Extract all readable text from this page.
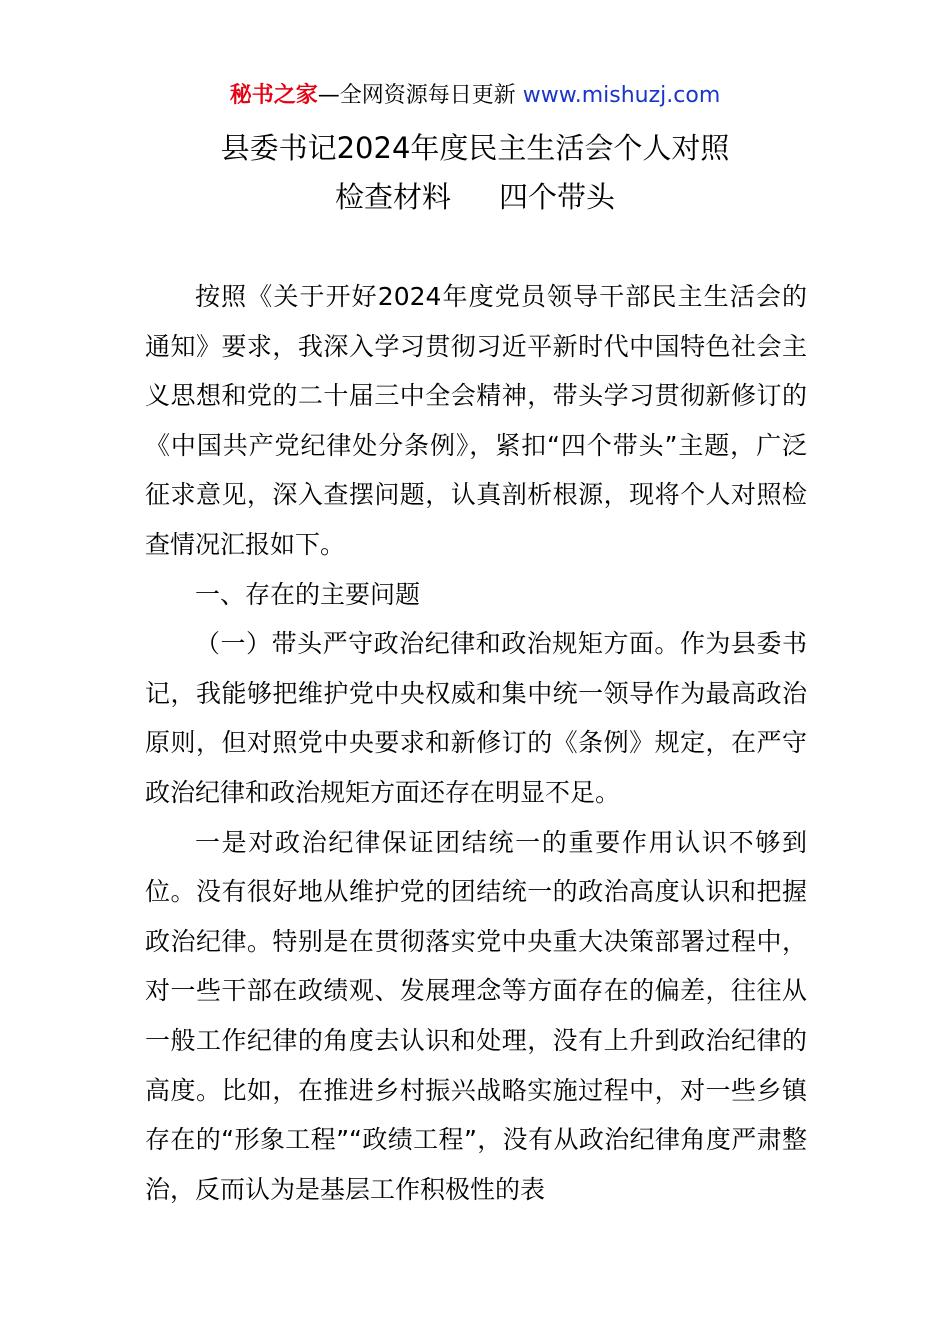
秘书之家—全网资源每日更新 www.mishuzj.com
县委书记2024年度民主生活会个人对照
检查材料 四个带头

按照《关于开好2024年度党员领导干部民主生活会的通知》要求，我深入学习贯彻习近平新时代中国特色社会主义思想和党的二十届三中全会精神，带头学习贯彻新修订的《中国共产党纪律处分条例》，紧扣“四个带头”主题，广泛征求意见，深入查摆问题，认真剖析根源，现将个人对照检查情况汇报如下。

一、存在的主要问题

（一）带头严守政治纪律和政治规矩方面。作为县委书记，我能够把维护党中央权威和集中统一领导作为最高政治原则，但对照党中央要求和新修订的《条例》规定，在严守政治纪律和政治规矩方面还存在明显不足。

一是对政治纪律保证团结统一的重要作用认识不够到位。没有很好地从维护党的团结统一的政治高度认识和把握政治纪律。特别是在贯彻落实党中央重大决策部署过程中，对一些干部在政绩观、发展理念等方面存在的偏差，往往从一般工作纪律的角度去认识和处理，没有上升到政治纪律的高度。比如，在推进乡村振兴战略实施过程中，对一些乡镇存在的“形象工程”“政绩工程”，没有从政治纪律角度严肃整治，反而认为是基层工作积极性的表
